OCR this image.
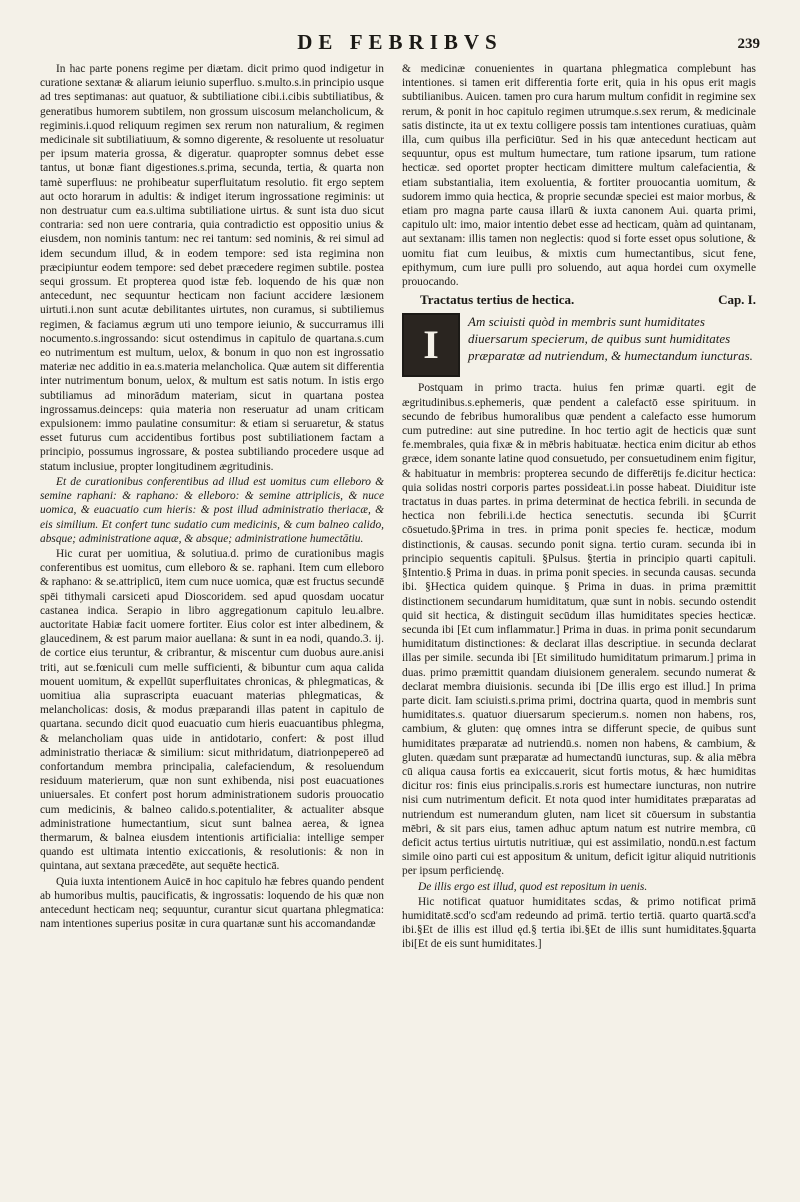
DE FEBRIBVS	239

In hac parte ponens regime per diætam. dicit primo quod indigetur in curatione sextanæ & aliarum ieiunio superfluo. s.multo.s.in principio usque ad tres septimanas: aut quatuor, & subtiliatione cibi.i.cibis subtiliatibus, & generatibus humorem subtilem, non grossum uiscosum melancholicum, & regiminis.i.quod reliquum regimen sex rerum non naturalium, & regimen medicinale sit subtiliatiuum, & somno digerente, & resoluente ut resoluatur per ipsum materia grossa, & digeratur. quapropter somnus debet esse tantus, ut bonæ fiant digestiones.s.prima, secunda, tertia, & quarta non tamè superfluus: ne prohibeatur superfluitatum resolutio. fit ergo septem aut octo horarum in adultis: & indiget iterum ingrossatione regiminis: ut non destruatur cum ea.s.ultima subtiliatione uirtus. & sunt ista duo sicut contraria: sed non uere contraria, quia contradictio est oppositio unius & eiusdem, non nominis tantum: nec rei tantum: sed nominis, & rei simul ad idem secundum illud, & in eodem tempore: sed ista regimina non præcipiuntur eodem tempore: sed debet præcedere regimen subtile. postea sequi grossum. Et propterea quod istæ feb. loquendo de his quæ non antecedunt, nec sequuntur hecticam non faciunt accidere læsionem uirtuti.i.non sunt acutæ debilitantes uirtutes, non curamus, si subtiliemus regimen, & faciamus ægrum uti uno tempore ieiunio, & succurramus illi nocumento.s.ingrossando: sicut ostendimus in capitulo de quartana.s.cum eo nutrimentum est multum, uelox, & bonum in quo non est ingrossatio materiæ nec additio in ea.s.materia melancholica. Quæ autem sit differentia inter nutrimentum bonum, uelox, & multum est satis notum. In istis ergo subtiliamus ad minorādum materiam, sicut in quartana postea ingrossamus.deinceps: quia materia non reseruatur ad unam criticam expulsionem: immo paulatine consumitur: & etiam si seruaretur, & status esset futurus cum accidentibus fortibus post subtiliationem factam a principio, possumus ingrossare, & postea subtiliando procedere usque ad statum inclusiue, propter longitudinem ægritudinis.

Et de curationibus conferentibus ad illud est uomitus cum elleboro & semine raphani: & raphano: & elleboro: & semine attriplicis, & nuce uomica, & euacuatio cum hieris: & post illud administratio theriacæ, & eis similium. Et confert tunc sudatio cum medicinis, & cum balneo calido, absque; administratione aquæ, & absque; administratione humectātiu.

Hic curat per uomitiua, & solutiua.d. primo de curationibus magis conferentibus est uomitus, cum elleboro & se. raphani. Item cum elleboro & raphano: & se.attriplicū, item cum nuce uomica, quæ est fructus secundē spēi tithymali carsiceti apud Dioscoridem. sed apud quosdam uocatur castanea indica. Serapio in libro aggregationum capitulo leu.albre. auctoritate Habiæ facit uomere fortiter. Eius color est inter albedinem, & glaucedinem, & est parum maior auellana: & sunt in ea nodi, quando.3. ij. de cortice eius teruntur, & cribrantur, & miscentur cum duobus aure.anisi triti, aut se.fœniculi cum melle sufficienti, & bibuntur cum aqua calida mouent uomitum, & expellūt superfluitates chronicas, & phlegmaticas, & uomitiua alia suprascripta euacuant materias phlegmaticas, & melancholicas: dosis, & modus præparandi illas patent in capitulo de quartana. secundo dicit quod euacuatio cum hieris euacuantibus phlegma, & melancholiam quas uide in antidotario, confert: & post illud administratio theriacæ & similium: sicut mithridatum, diatrionpepereō ad confortandum membra principalia, calefaciendum, & resoluendum residuum materierum, quæ non sunt exhibenda, nisi post euacuationes uniuersales. Et confert post horum administrationem sudoris prouocatio cum medicinis, & balneo calido.s.potentialiter, & actualiter absque administratione humectantium, sicut sunt balnea aerea, & ignea thermarum, & balnea eiusdem intentionis artificialia: intellige semper quando est ultimata intentio exiccationis, & resolutionis: & non in quintana, aut sextana præcedēte, aut sequēte hecticā.

Quia iuxta intentionem Auicē in hoc capitulo hæ febres quando pendent ab humoribus multis, paucificatis, & ingrossatis: loquendo de his quæ non antecedunt hecticam neq; sequuntur, curantur sicut quartana phlegmatica: nam intentiones superius positæ in cura quartanæ sunt his accomandandæ

& medicinæ conuenientes in quartana phlegmatica complebunt has intentiones. si tamen erit differentia forte erit, quia in his opus erit magis subtilianibus. Auicen. tamen pro cura harum multum confidit in regimine sex rerum, & ponit in hoc capitulo regimen utrumque.s.sex rerum, & medicinale satis distincte, ita ut ex textu colligere possis tam intentiones curatiuas, quàm illa, cum quibus illa perficiūtur. Sed in his quæ antecedunt hecticam aut sequuntur, opus est multum humectare, tum ratione ipsarum, tum ratione hecticæ. sed oportet propter hecticam dimittere multum calefacientia, & etiam substantialia, item exoluentia, & fortiter prouocantia uomitum, & sudorem immo quia hectica, & proprie secundæ speciei est maior morbus, & etiam pro magna parte causa illarū & iuxta canonem Aui. quarta primi, capitulo ult: imo, maior intentio debet esse ad hecticam, quàm ad quintanam, aut sextanam: illis tamen non neglectis: quod si forte esset opus solutione, & uomitu fiat cum leuibus, & mixtis cum humectantibus, sicut fene, epithymum, cum iure pulli pro soluendo, aut aqua hordei cum oxymelle prouocando.

Tractatus tertius de hectica.	Cap. I.
I
Am sciuisti quòd in membris sunt humiditates diuersarum specierum, de quibus sunt humiditates præparatæ ad nutriendum, & humectandum iuncturas.

Postquam in primo tracta. huius fen primæ quarti. egit de ægritudinibus.s.ephemeris, quæ pendent a calefactō esse spirituum. in secundo de febribus humoralibus quæ pendent a calefacto esse humorum cum putredine: aut sine putredine. In hoc tertio agit de hecticis quæ sunt fe.membrales, quia fixæ & in mēbris habituatæ. hectica enim dicitur ab ethos græce, idem sonante latine quod consuetudo, per consuetudinem enim figitur, & habituatur in membris: propterea secundo de differētijs fe.dicitur hectica: quia solidas nostri corporis partes possideat.i.in posse habeat. Diuiditur iste tractatus in duas partes. in prima determinat de hectica febrili. in secunda de hectica non febrili.i.de hectica senectutis. secunda ibi §Currit cōsuetudo.§Prima in tres. in prima ponit species fe. hecticæ, modum distinctionis, & causas. secundo ponit signa. tertio curam. secunda ibi in principio sequentis capituli. §Pulsus. §tertia in principio quarti capituli. §Intentio.§ Prima in duas. in prima ponit species. in secunda causas. secunda ibi. §Hectica quidem quinque. § Prima in duas. in prima præmittit distinctionem secundarum humiditatum, quæ sunt in nobis. secundo ostendit quid sit hectica, & distinguit secūdum illas humiditates species hecticæ. secunda ibi [Et cum inflammatur.] Prima in duas. in prima ponit secundarum humiditatum distinctiones: & declarat illas descriptiue. in secunda declarat illas per simile. secunda ibi [Et similitudo humiditatum primarum.] prima in duas. primo præmittit quandam diuisionem generalem. secundo numerat & declarat membra diuisionis. secunda ibi [De illis ergo est illud.] In prima parte dicit. Iam sciuisti.s.prima primi, doctrina quarta, quod in membris sunt humiditates.s. quatuor diuersarum specierum.s. nomen non habens, ros, cambium, & gluten: quę omnes intra se differunt specie, de quibus sunt humiditates præparatæ ad nutriendū.s. nomen non habens, & cambium, & gluten. quædam sunt præparatæ ad humectandū iuncturas, sup. & alia mēbra cū aliqua causa fortis ea exiccauerit, sicut fortis motus, & hæc humiditas dicitur ros: finis eius principalis.s.roris est humectare iuncturas, non nutrire nisi cum nutrimentum deficit. Et nota quod inter humiditates præparatas ad nutriendum est numerandum gluten, nam licet sit cōuersum in substantia mēbri, & sit pars eius, tamen adhuc aptum natum est nutrire membra, cū deficit actus tertius uirtutis nutritiuæ, qui est assimilatio, nondū.n.est factum simile oino parti cui est appositum & unitum, deficit igitur aliquid nutritionis per ipsum perficiendę.

De illis ergo est illud, quod est repositum in uenis.

Hic notificat quatuor humiditates scdas, & primo notificat primā humiditatē.scd'o scd'am redeundo ad primā. tertio tertiā. quarto quartā.scd'a ibi.§Et de illis est illud ęd.§ tertia ibi.§Et de illis sunt humiditates.§quarta ibi[Et de eis sunt humiditates.]
